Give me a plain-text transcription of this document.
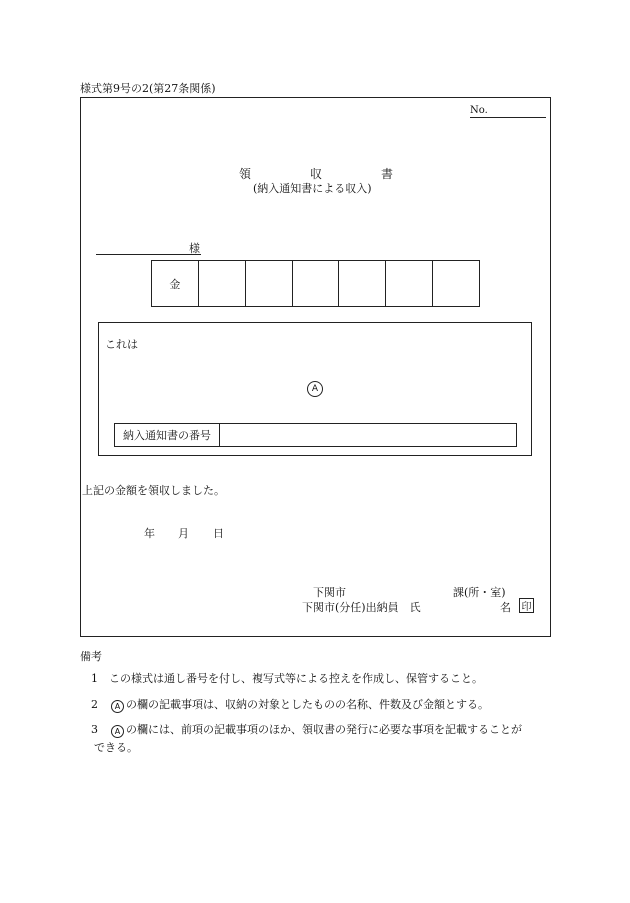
様式第9号の2(第27条関係)
No.
領	収	書
(納入通知書による収入)
様
金
これは
A
納入通知書の番号
上記の金額を領収しました。
年 月 日
下関市	課(所・室)
下関市(分任)出納員　氏	名 印
備考
1 この様式は通し番号を付し、複写式等による控えを作成し、保管すること。
2 A の欄の記載事項は、収納の対象としたものの名称、件数及び金額とする。
3 A の欄には、前項の記載事項のほか、領収書の発行に必要な事項を記載することが
できる。
